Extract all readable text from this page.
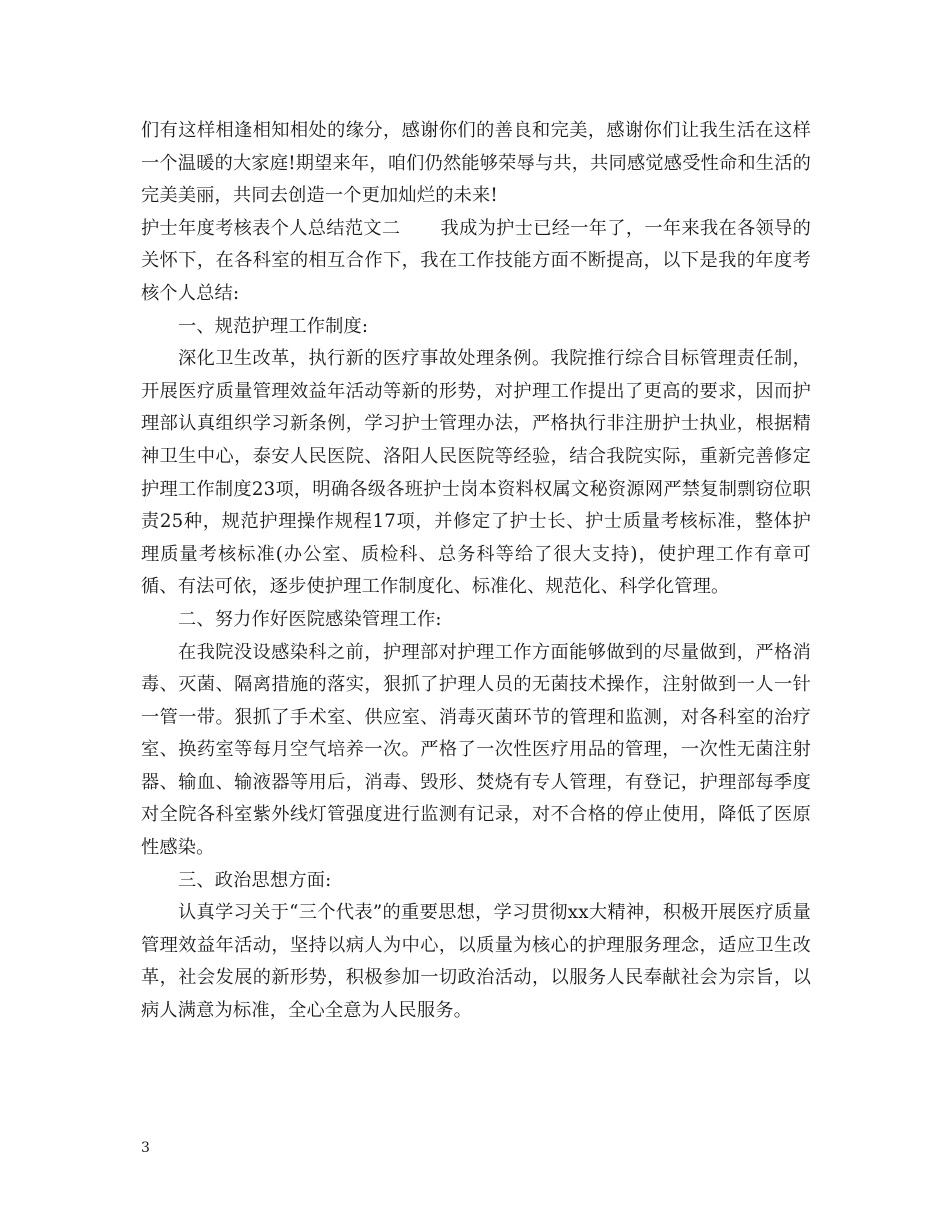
们有这样相逢相知相处的缘分，感谢你们的善良和完美，感谢你们让我生活在这样一个温暖的大家庭!期望来年，咱们仍然能够荣辱与共，共同感觉感受性命和生活的完美美丽，共同去创造一个更加灿烂的未来!

护士年度考核表个人总结范文二 我成为护士已经一年了，一年来我在各领导的关怀下，在各科室的相互合作下，我在工作技能方面不断提高，以下是我的年度考核个人总结:

一、规范护理工作制度:

深化卫生改革，执行新的医疗事故处理条例。我院推行综合目标管理责任制，开展医疗质量管理效益年活动等新的形势，对护理工作提出了更高的要求，因而护理部认真组织学习新条例，学习护士管理办法，严格执行非注册护士执业，根据精神卫生中心，泰安人民医院、洛阳人民医院等经验，结合我院实际，重新完善修定护理工作制度23项，明确各级各班护士岗本资料权属文秘资源网严禁复制剽窃位职责25种，规范护理操作规程17项，并修定了护士长、护士质量考核标准，整体护理质量考核标准(办公室、质检科、总务科等给了很大支持)，使护理工作有章可循、有法可依，逐步使护理工作制度化、标准化、规范化、科学化管理。

二、努力作好医院感染管理工作:

在我院没设感染科之前，护理部对护理工作方面能够做到的尽量做到，严格消毒、灭菌、隔离措施的落实，狠抓了护理人员的无菌技术操作，注射做到一人一针一管一带。狠抓了手术室、供应室、消毒灭菌环节的管理和监测，对各科室的治疗室、换药室等每月空气培养一次。严格了一次性医疗用品的管理，一次性无菌注射器、输血、输液器等用后，消毒、毁形、焚烧有专人管理，有登记，护理部每季度对全院各科室紫外线灯管强度进行监测有记录，对不合格的停止使用，降低了医原性感染。

三、政治思想方面:

认真学习关于“三个代表”的重要思想，学习贯彻xx大精神，积极开展医疗质量管理效益年活动，坚持以病人为中心，以质量为核心的护理服务理念，适应卫生改革，社会发展的新形势，积极参加一切政治活动，以服务人民奉献社会为宗旨，以病人满意为标准，全心全意为人民服务。

3
